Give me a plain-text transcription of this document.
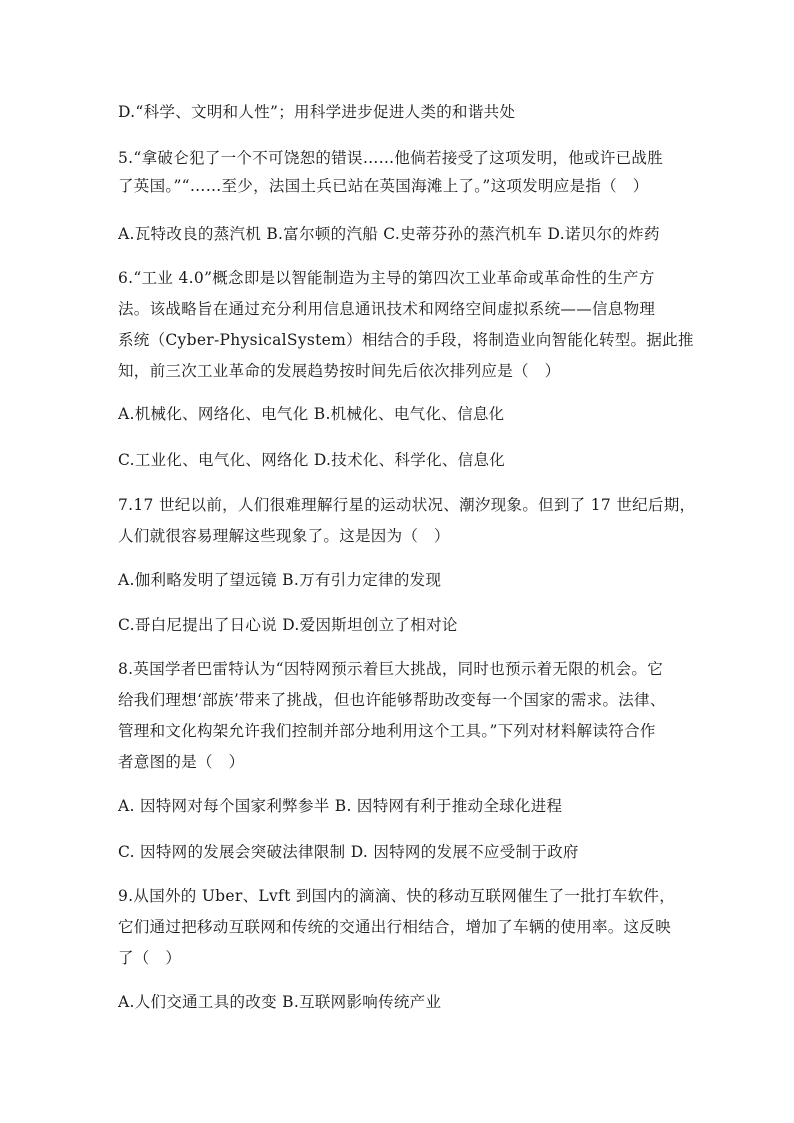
D.“科学、文明和人性”；用科学进步促进人类的和谐共处
5.“拿破仑犯了一个不可饶恕的错误……他倘若接受了这项发明，他或许已战胜
了英国。”“……至少，法国土兵已站在英国海滩上了。”这项发明应是指（　）
A.瓦特改良的蒸汽机 B.富尔顿的汽船 C.史蒂芬孙的蒸汽机车 D.诺贝尔的炸药
6.“工业 4.0”概念即是以智能制造为主导的第四次工业革命或革命性的生产方
法。该战略旨在通过充分利用信息通讯技术和网络空间虚拟系统——信息物理
系统（Cyber-PhysicalSystem）相结合的手段，将制造业向智能化转型。据此推
知，前三次工业革命的发展趋势按时间先后依次排列应是（　）
A.机械化、网络化、电气化 B.机械化、电气化、信息化
C.工业化、电气化、网络化 D.技术化、科学化、信息化
7.17 世纪以前，人们很难理解行星的运动状况、潮汐现象。但到了 17 世纪后期，
人们就很容易理解这些现象了。这是因为（　）
A.伽利略发明了望远镜 B.万有引力定律的发现
C.哥白尼提出了日心说 D.爱因斯坦创立了相对论
8.英国学者巴雷特认为“因特网预示着巨大挑战，同时也预示着无限的机会。它
给我们理想‘部族’带来了挑战，但也许能够帮助改变每一个国家的需求。法律、
管理和文化构架允许我们控制并部分地利用这个工具。”下列对材料解读符合作
者意图的是（　）
A. 因特网对每个国家利弊参半 B. 因特网有利于推动全球化进程
C. 因特网的发展会突破法律限制 D. 因特网的发展不应受制于政府
9.从国外的 Uber、Lvft 到国内的滴滴、快的移动互联网催生了一批打车软件，
它们通过把移动互联网和传统的交通出行相结合，增加了车辆的使用率。这反映
了（　）
A.人们交通工具的改变 B.互联网影响传统产业
